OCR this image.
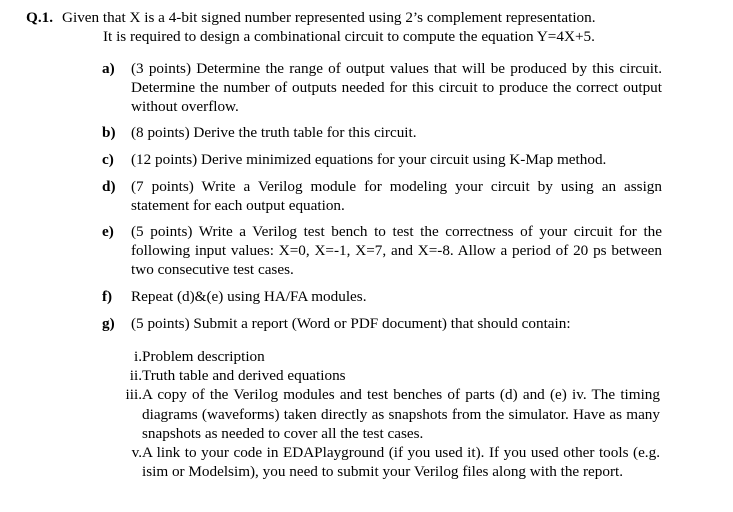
Q.1. Given that X is a 4-bit signed number represented using 2’s complement representation.
It is required to design a combinational circuit to compute the equation Y=4X+5.
a)	(3 points) Determine the range of output values that will be produced by this circuit. Determine the number of outputs needed for this circuit to produce the correct output without overflow.
b)	(8 points) Derive the truth table for this circuit.
c)	(12 points) Derive minimized equations for your circuit using K-Map method.
d)	(7 points) Write a Verilog module for modeling your circuit by using an assign statement for each output equation.
e)	(5 points) Write a Verilog test bench to test the correctness of your circuit for the following input values: X=0, X=-1, X=7, and X=-8. Allow a period of 20 ps between two consecutive test cases.
f)	Repeat (d)&(e) using HA/FA modules.
g)	(5 points) Submit a report (Word or PDF document) that should contain:
i. Problem description
ii. Truth table and derived equations
iii. A copy of the Verilog modules and test benches of parts (d) and (e) iv. The timing diagrams (waveforms) taken directly as snapshots from the simulator. Have as many snapshots as needed to cover all the test cases.
v. A link to your code in EDAPlayground (if you used it). If you used other tools (e.g. isim or Modelsim), you need to submit your Verilog files along with the report.
